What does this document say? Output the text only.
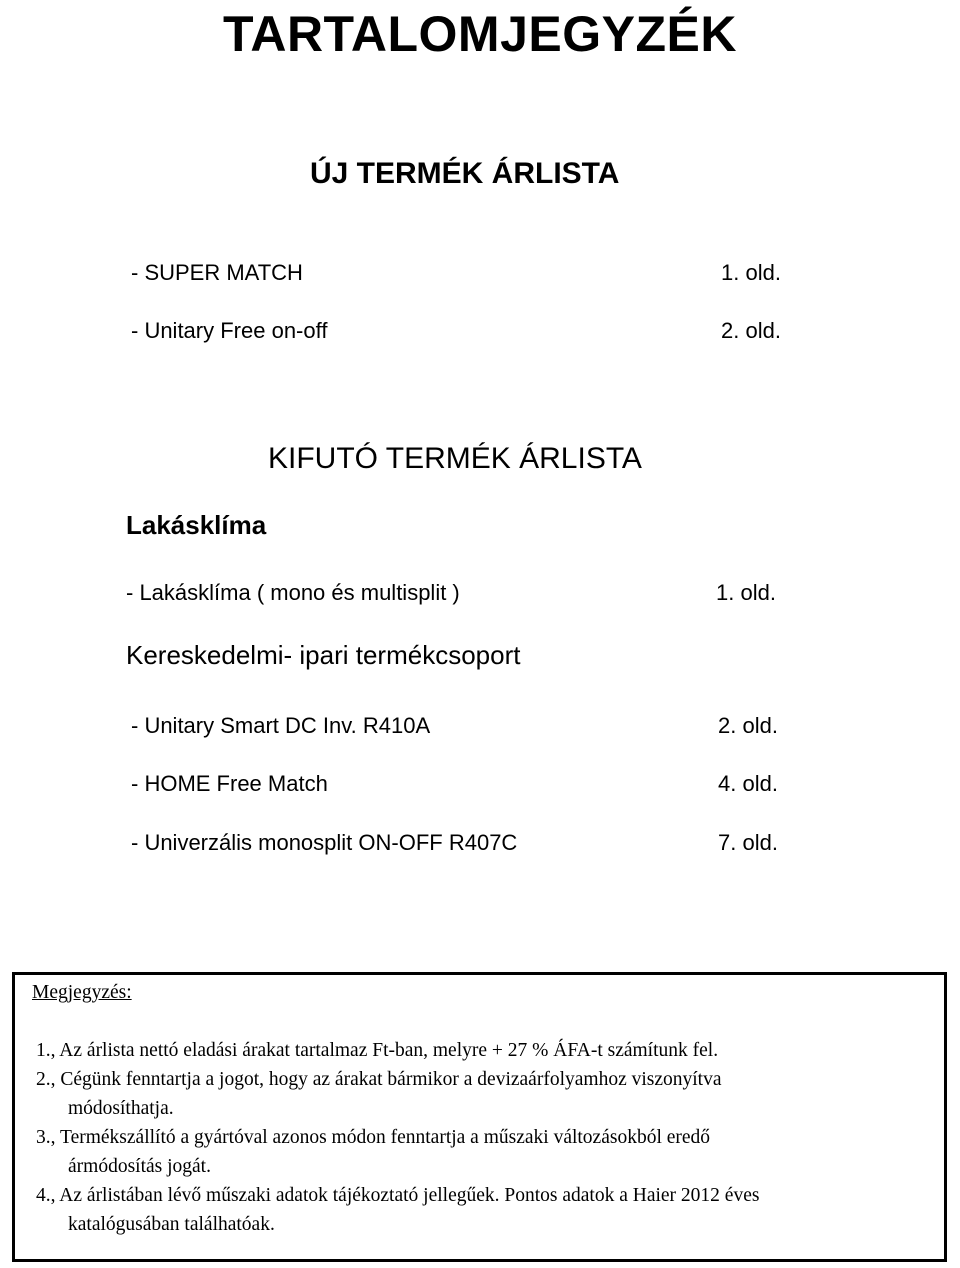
TARTALOMJEGYZÉK
ÚJ TERMÉK ÁRLISTA
- SUPER MATCH	1. old.
- Unitary Free on-off	2. old.
KIFUTÓ TERMÉK ÁRLISTA
Lakásklíma
- Lakásklíma ( mono és multisplit )	1. old.
Kereskedelmi- ipari termékcsoport
- Unitary Smart DC Inv. R410A	2. old.
- HOME Free Match	4. old.
- Univerzális monosplit ON-OFF R407C	7. old.
Megjegyzés:
1., Az árlista nettó eladási árakat tartalmaz Ft-ban, melyre + 27 % ÁFA-t számítunk fel.
2., Cégünk fenntartja a jogot, hogy az árakat bármikor a devizaárfolyamhoz viszonyítva
módosíthatja.
3., Termékszállító a gyártóval azonos módon fenntartja a műszaki változásokból eredő
ármódosítás jogát.
4., Az árlistában lévő műszaki adatok tájékoztató jellegűek. Pontos adatok a Haier 2012 éves
katalógusában találhatóak.
